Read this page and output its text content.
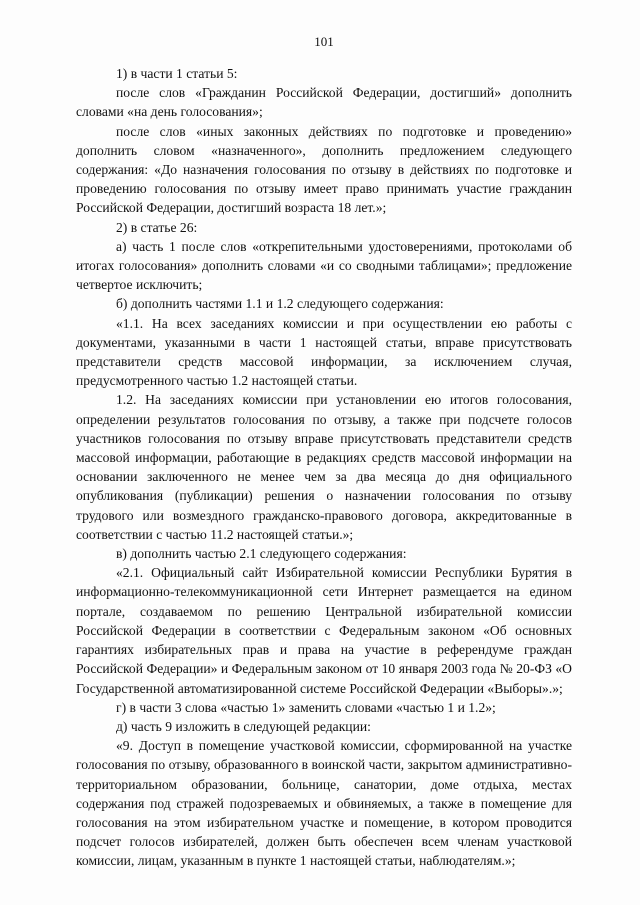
101

1) в части 1 статьи 5:

после слов «Гражданин Российской Федерации, достигший» дополнить словами «на день голосования»;

после слов «иных законных действиях по подготовке и проведению» дополнить словом «назначенного», дополнить предложением следующего содержания: «До назначения голосования по отзыву в действиях по подготовке и проведению голосования по отзыву имеет право принимать участие гражданин Российской Федерации, достигший возраста 18 лет.»;

2) в статье 26:

а) часть 1 после слов «открепительными удостоверениями, протоколами об итогах голосования» дополнить словами «и со сводными таблицами»; предложение четвертое исключить;

б) дополнить частями 1.1 и 1.2 следующего содержания:

«1.1. На всех заседаниях комиссии и при осуществлении ею работы с документами, указанными в части 1 настоящей статьи, вправе присутствовать представители средств массовой информации, за исключением случая, предусмотренного частью 1.2 настоящей статьи.

1.2. На заседаниях комиссии при установлении ею итогов голосования, определении результатов голосования по отзыву, а также при подсчете голосов участников голосования по отзыву вправе присутствовать представители средств массовой информации, работающие в редакциях средств массовой информации на основании заключенного не менее чем за два месяца до дня официального опубликования (публикации) решения о назначении голосования по отзыву трудового или возмездного гражданско-правового договора, аккредитованные в соответствии с частью 11.2 настоящей статьи.»;

в) дополнить частью 2.1 следующего содержания:

«2.1. Официальный сайт Избирательной комиссии Республики Бурятия в информационно-телекоммуникационной сети Интернет размещается на едином портале, создаваемом по решению Центральной избирательной комиссии Российской Федерации в соответствии с Федеральным законом «Об основных гарантиях избирательных прав и права на участие в референдуме граждан Российской Федерации» и Федеральным законом от 10 января 2003 года № 20-ФЗ «О Государственной автоматизированной системе Российской Федерации «Выборы».»;

г) в части 3 слова «частью 1» заменить словами «частью 1 и 1.2»;

д) часть 9 изложить в следующей редакции:

«9. Доступ в помещение участковой комиссии, сформированной на участке голосования по отзыву, образованного в воинской части, закрытом административно-территориальном образовании, больнице, санатории, доме отдыха, местах содержания под стражей подозреваемых и обвиняемых, а также в помещение для голосования на этом избирательном участке и помещение, в котором проводится подсчет голосов избирателей, должен быть обеспечен всем членам участковой комиссии, лицам, указанным в пункте 1 настоящей статьи, наблюдателям.»;
